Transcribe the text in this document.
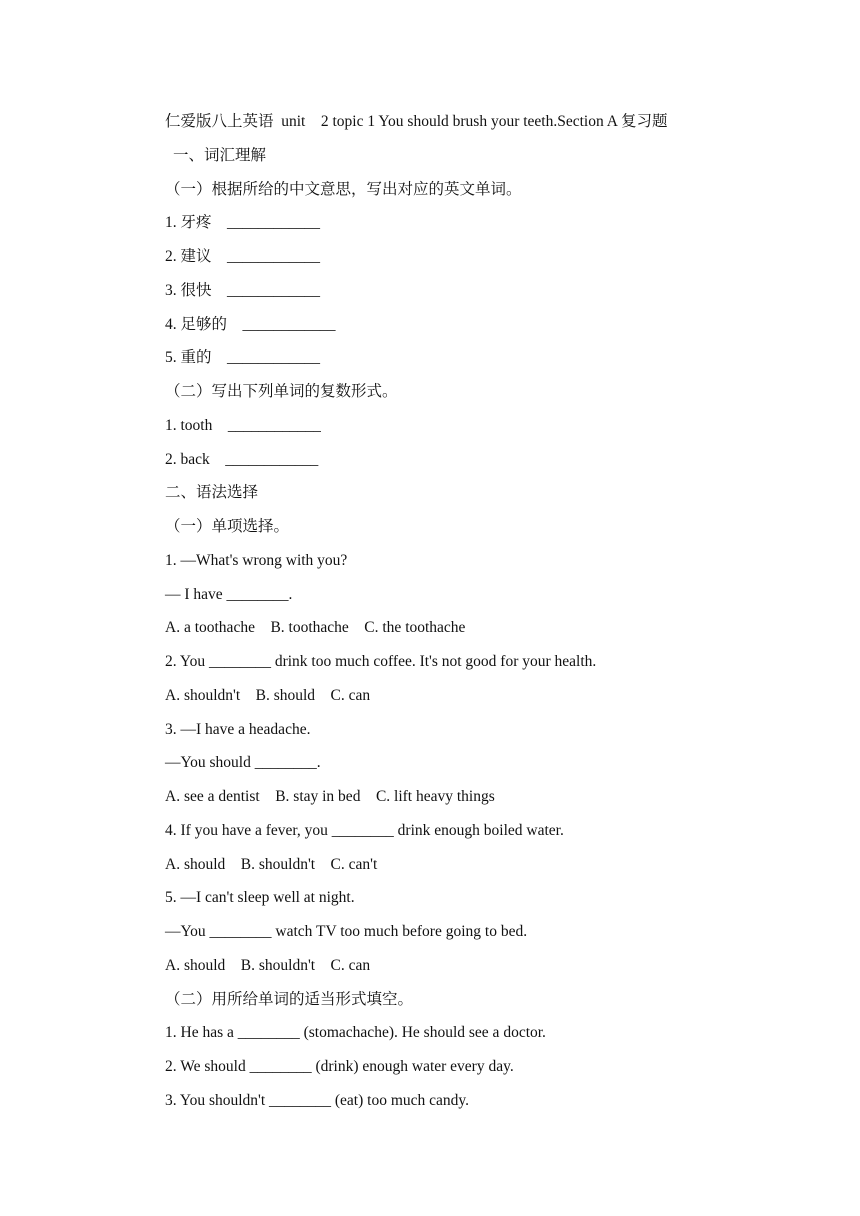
仁爱版八上英语  unit    2 topic 1 You should brush your teeth.Section A 复习题
一、词汇理解
（一）根据所给的中文意思，写出对应的英文单词。
1. 牙疼    ____________
2. 建议    ____________
3. 很快    ____________
4. 足够的    ____________
5. 重的    ____________
（二）写出下列单词的复数形式。
1. tooth    ____________
2. back    ____________
二、语法选择
（一）单项选择。
1. —What's wrong with you?
— I have ________.
A. a toothache    B. toothache    C. the toothache
2. You ________ drink too much coffee. It's not good for your health.
A. shouldn't    B. should    C. can
3. —I have a headache.
—You should ________.
A. see a dentist    B. stay in bed    C. lift heavy things
4. If you have a fever, you ________ drink enough boiled water.
A. should    B. shouldn't    C. can't
5. —I can't sleep well at night.
—You ________ watch TV too much before going to bed.
A. should    B. shouldn't    C. can
（二）用所给单词的适当形式填空。
1. He has a ________ (stomachache). He should see a doctor.
2. We should ________ (drink) enough water every day.
3. You shouldn't ________ (eat) too much candy.
